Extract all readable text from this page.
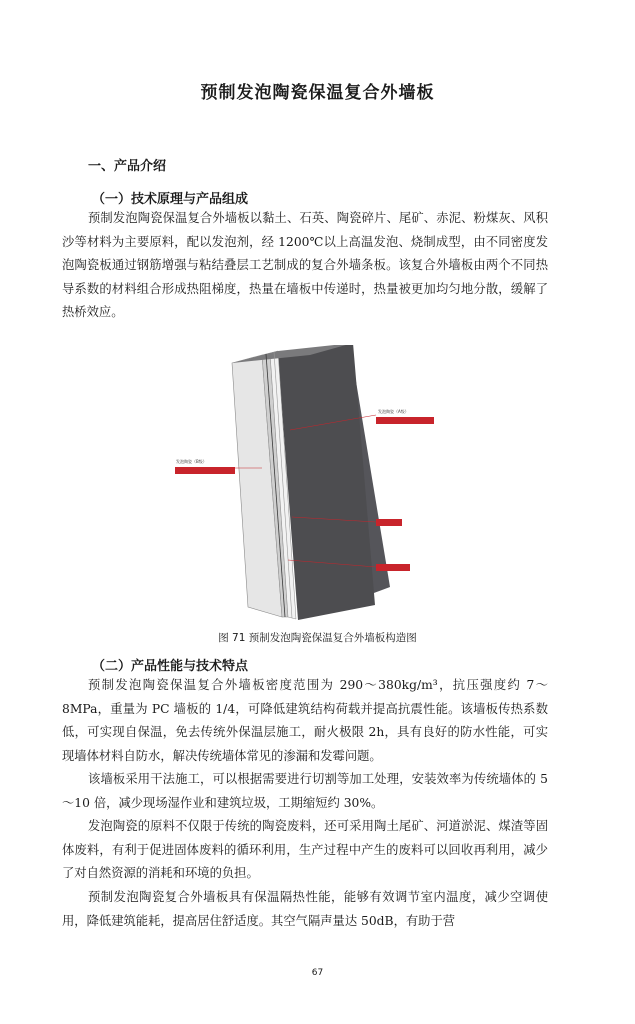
预制发泡陶瓷保温复合外墙板
一、产品介绍
（一）技术原理与产品组成

预制发泡陶瓷保温复合外墙板以黏土、石英、陶瓷碎片、尾矿、赤泥、粉煤灰、风积沙等材料为主要原料，配以发泡剂，经 1200℃以上高温发泡、烧制成型，由不同密度发泡陶瓷板通过钢筋增强与粘结叠层工艺制成的复合外墙条板。该复合外墙板由两个不同热导系数的材料组合形成热阻梯度，热量在墙板中传递时，热量被更加均匀地分散，缓解了热桥效应。

发泡陶瓷（A级）
发泡陶瓷（B级）
图 71 预制发泡陶瓷保温复合外墙板构造图
（二）产品性能与技术特点

预制发泡陶瓷保温复合外墙板密度范围为 290～380kg/m³，抗压强度约 7～8MPa，重量为 PC 墙板的 1/4，可降低建筑结构荷载并提高抗震性能。该墙板传热系数低，可实现自保温，免去传统外保温层施工，耐火极限 2h，具有良好的防水性能，可实现墙体材料自防水，解决传统墙体常见的渗漏和发霉问题。

该墙板采用干法施工，可以根据需要进行切割等加工处理，安装效率为传统墙体的 5～10 倍，减少现场湿作业和建筑垃圾，工期缩短约 30%。

发泡陶瓷的原料不仅限于传统的陶瓷废料，还可采用陶土尾矿、河道淤泥、煤渣等固体废料，有利于促进固体废料的循环利用，生产过程中产生的废料可以回收再利用，减少了对自然资源的消耗和环境的负担。

预制发泡陶瓷复合外墙板具有保温隔热性能，能够有效调节室内温度，减少空调使用，降低建筑能耗，提高居住舒适度。其空气隔声量达 50dB，有助于营

67
